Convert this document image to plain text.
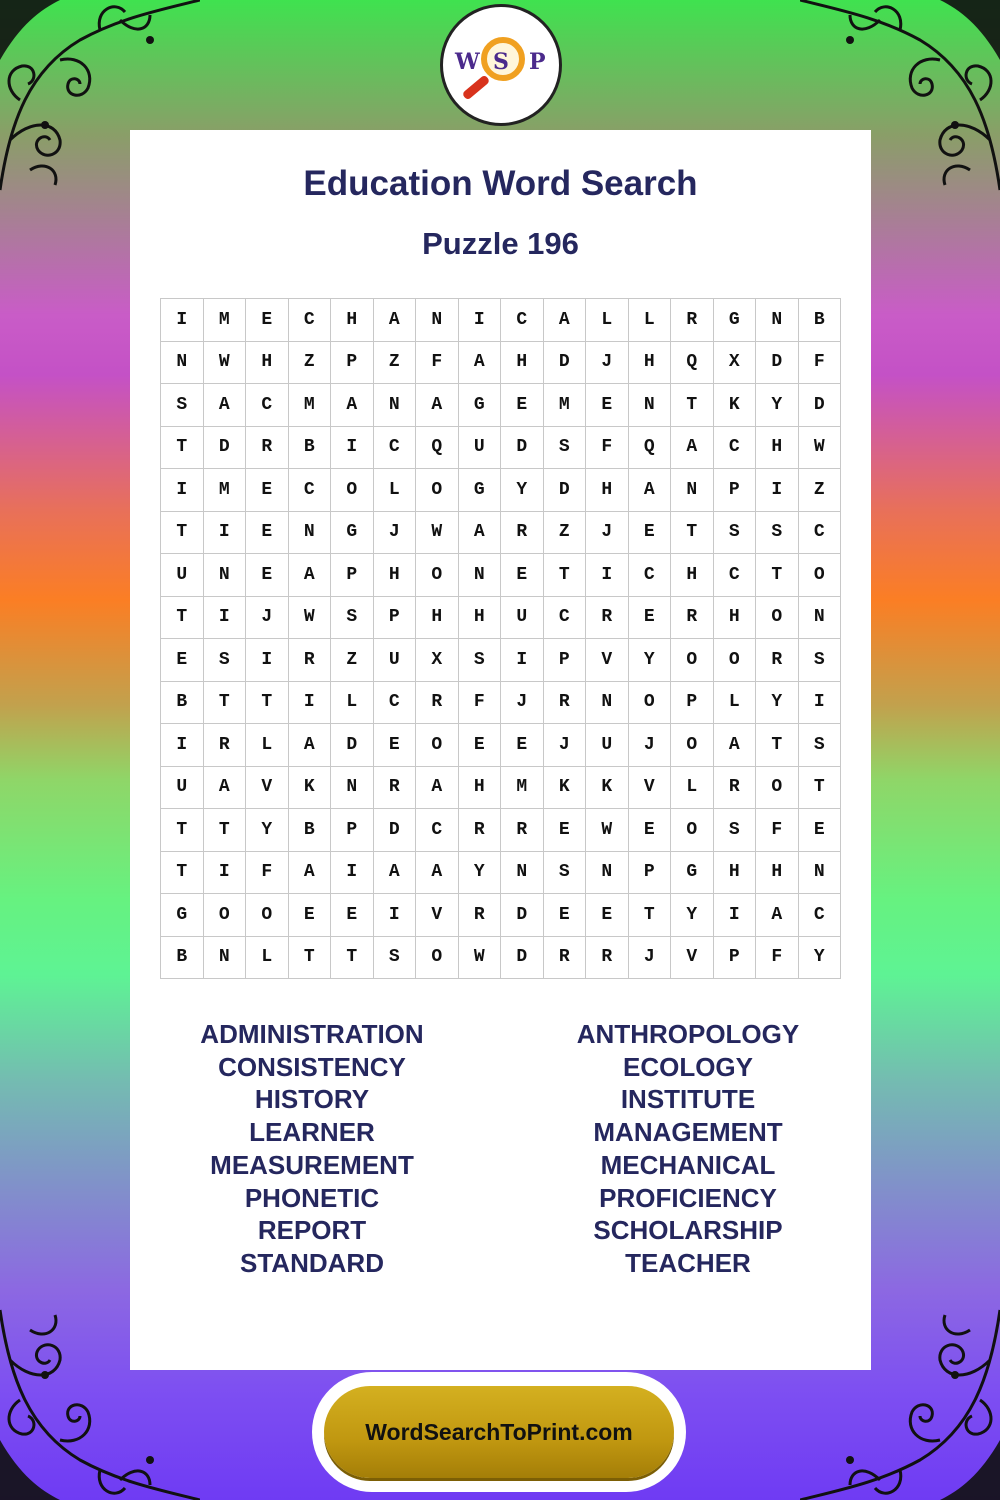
W S P
Education Word Search
Puzzle 196
I	M	E	C	H	A	N	I	C	A	L	L	R	G	N	B
N	W	H	Z	P	Z	F	A	H	D	J	H	Q	X	D	F
S	A	C	M	A	N	A	G	E	M	E	N	T	K	Y	D
T	D	R	B	I	C	Q	U	D	S	F	Q	A	C	H	W
I	M	E	C	O	L	O	G	Y	D	H	A	N	P	I	Z
T	I	E	N	G	J	W	A	R	Z	J	E	T	S	S	C
U	N	E	A	P	H	O	N	E	T	I	C	H	C	T	O
T	I	J	W	S	P	H	H	U	C	R	E	R	H	O	N
E	S	I	R	Z	U	X	S	I	P	V	Y	O	O	R	S
B	T	T	I	L	C	R	F	J	R	N	O	P	L	Y	I
I	R	L	A	D	E	O	E	E	J	U	J	O	A	T	S
U	A	V	K	N	R	A	H	M	K	K	V	L	R	O	T
T	T	Y	B	P	D	C	R	R	E	W	E	O	S	F	E
T	I	F	A	I	A	A	Y	N	S	N	P	G	H	H	N
G	O	O	E	E	I	V	R	D	E	E	T	Y	I	A	C
B	N	L	T	T	S	O	W	D	R	R	J	V	P	F	Y
ADMINISTRATION
CONSISTENCY
HISTORY
LEARNER
MEASUREMENT
PHONETIC
REPORT
STANDARD
ANTHROPOLOGY
ECOLOGY
INSTITUTE
MANAGEMENT
MECHANICAL
PROFICIENCY
SCHOLARSHIP
TEACHER
WordSearchToPrint.com
